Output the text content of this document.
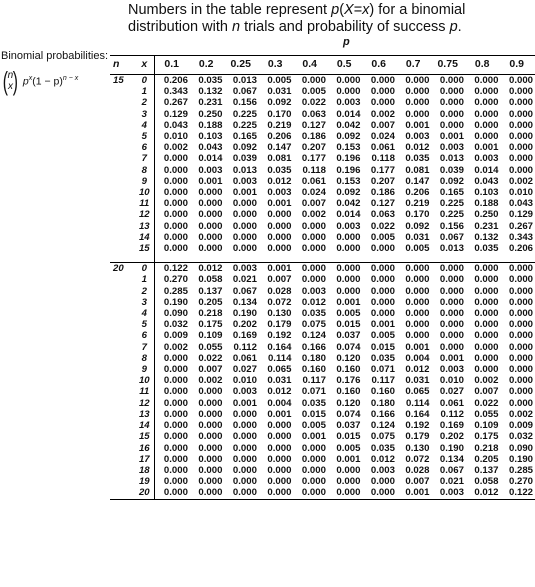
Numbers in the table represent p(X=x) for a binomial distribution with n trials and probability of success p.
p
Binomial probabilities:
( n
x ) $p^x(1 - p)^{n - x}$
n	x	0.1	0.2	0.25	0.3	0.4	0.5	0.6	0.7	0.75	0.8	0.9
15	0	0.206	0.035	0.013	0.005	0.000	0.000	0.000	0.000	0.000	0.000	0.000
	1	0.343	0.132	0.067	0.031	0.005	0.000	0.000	0.000	0.000	0.000	0.000
	2	0.267	0.231	0.156	0.092	0.022	0.003	0.000	0.000	0.000	0.000	0.000
	3	0.129	0.250	0.225	0.170	0.063	0.014	0.002	0.000	0.000	0.000	0.000
	4	0.043	0.188	0.225	0.219	0.127	0.042	0.007	0.001	0.000	0.000	0.000
	5	0.010	0.103	0.165	0.206	0.186	0.092	0.024	0.003	0.001	0.000	0.000
	6	0.002	0.043	0.092	0.147	0.207	0.153	0.061	0.012	0.003	0.001	0.000
	7	0.000	0.014	0.039	0.081	0.177	0.196	0.118	0.035	0.013	0.003	0.000
	8	0.000	0.003	0.013	0.035	0.118	0.196	0.177	0.081	0.039	0.014	0.000
	9	0.000	0.001	0.003	0.012	0.061	0.153	0.207	0.147	0.092	0.043	0.002
	10	0.000	0.000	0.001	0.003	0.024	0.092	0.186	0.206	0.165	0.103	0.010
	11	0.000	0.000	0.000	0.001	0.007	0.042	0.127	0.219	0.225	0.188	0.043
	12	0.000	0.000	0.000	0.000	0.002	0.014	0.063	0.170	0.225	0.250	0.129
	13	0.000	0.000	0.000	0.000	0.000	0.003	0.022	0.092	0.156	0.231	0.267
	14	0.000	0.000	0.000	0.000	0.000	0.000	0.005	0.031	0.067	0.132	0.343
	15	0.000	0.000	0.000	0.000	0.000	0.000	0.000	0.005	0.013	0.035	0.206

20	0	0.122	0.012	0.003	0.001	0.000	0.000	0.000	0.000	0.000	0.000	0.000
	1	0.270	0.058	0.021	0.007	0.000	0.000	0.000	0.000	0.000	0.000	0.000
	2	0.285	0.137	0.067	0.028	0.003	0.000	0.000	0.000	0.000	0.000	0.000
	3	0.190	0.205	0.134	0.072	0.012	0.001	0.000	0.000	0.000	0.000	0.000
	4	0.090	0.218	0.190	0.130	0.035	0.005	0.000	0.000	0.000	0.000	0.000
	5	0.032	0.175	0.202	0.179	0.075	0.015	0.001	0.000	0.000	0.000	0.000
	6	0.009	0.109	0.169	0.192	0.124	0.037	0.005	0.000	0.000	0.000	0.000
	7	0.002	0.055	0.112	0.164	0.166	0.074	0.015	0.001	0.000	0.000	0.000
	8	0.000	0.022	0.061	0.114	0.180	0.120	0.035	0.004	0.001	0.000	0.000
	9	0.000	0.007	0.027	0.065	0.160	0.160	0.071	0.012	0.003	0.000	0.000
	10	0.000	0.002	0.010	0.031	0.117	0.176	0.117	0.031	0.010	0.002	0.000
	11	0.000	0.000	0.003	0.012	0.071	0.160	0.160	0.065	0.027	0.007	0.000
	12	0.000	0.000	0.001	0.004	0.035	0.120	0.180	0.114	0.061	0.022	0.000
	13	0.000	0.000	0.000	0.001	0.015	0.074	0.166	0.164	0.112	0.055	0.002
	14	0.000	0.000	0.000	0.000	0.005	0.037	0.124	0.192	0.169	0.109	0.009
	15	0.000	0.000	0.000	0.000	0.001	0.015	0.075	0.179	0.202	0.175	0.032
	16	0.000	0.000	0.000	0.000	0.000	0.005	0.035	0.130	0.190	0.218	0.090
	17	0.000	0.000	0.000	0.000	0.000	0.001	0.012	0.072	0.134	0.205	0.190
	18	0.000	0.000	0.000	0.000	0.000	0.000	0.003	0.028	0.067	0.137	0.285
	19	0.000	0.000	0.000	0.000	0.000	0.000	0.000	0.007	0.021	0.058	0.270
	20	0.000	0.000	0.000	0.000	0.000	0.000	0.000	0.001	0.003	0.012	0.122
